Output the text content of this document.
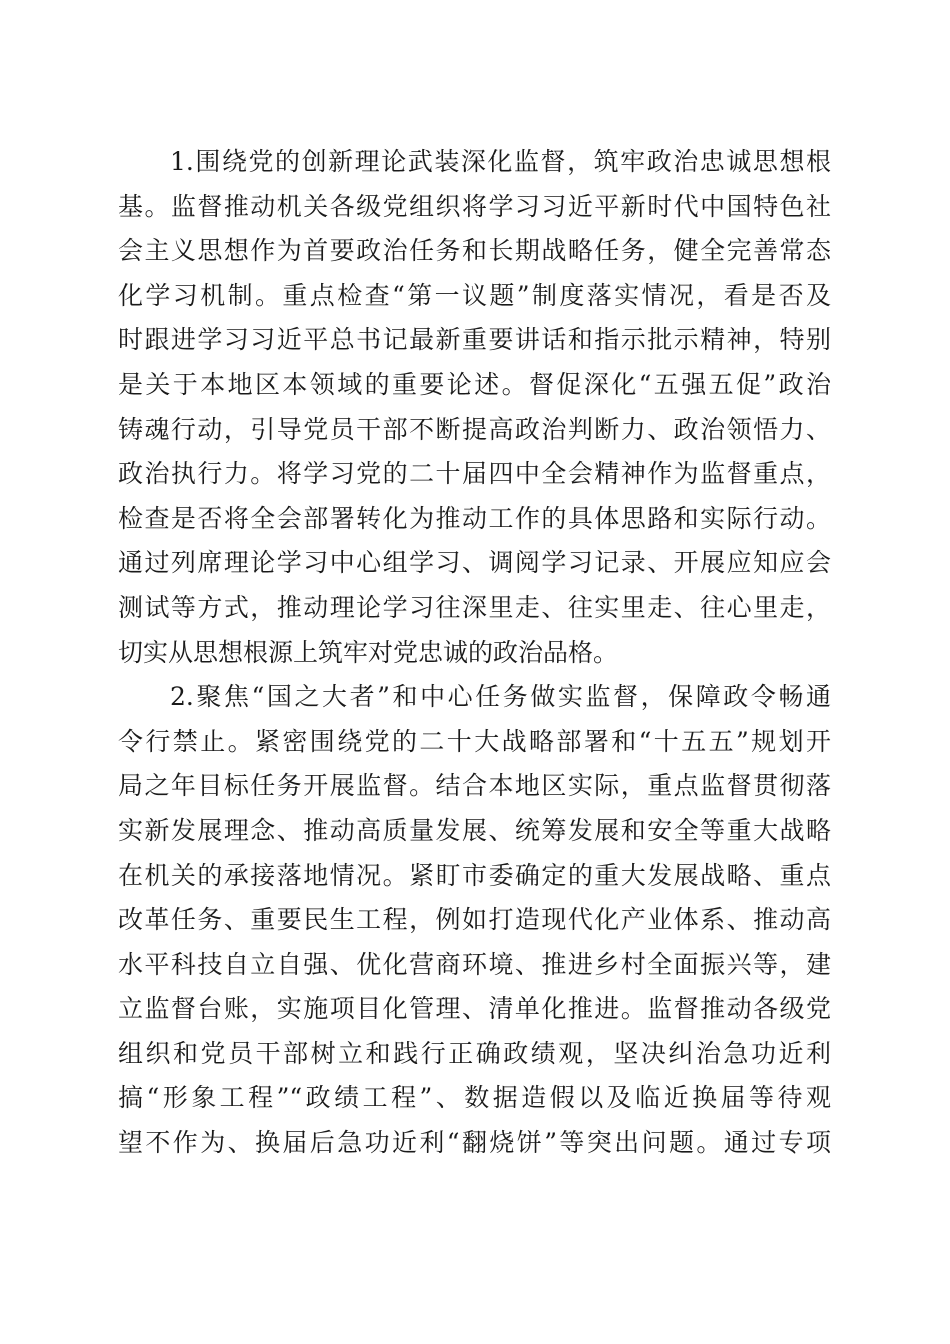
1.围绕党的创新理论武装深化监督，筑牢政治忠诚思想根
基。监督推动机关各级党组织将学习习近平新时代中国特色社
会主义思想作为首要政治任务和长期战略任务，健全完善常态
化学习机制。重点检查“第一议题”制度落实情况，看是否及
时跟进学习习近平总书记最新重要讲话和指示批示精神，特别
是关于本地区本领域的重要论述。督促深化“五强五促”政治
铸魂行动，引导党员干部不断提高政治判断力、政治领悟力、
政治执行力。将学习党的二十届四中全会精神作为监督重点，
检查是否将全会部署转化为推动工作的具体思路和实际行动。
通过列席理论学习中心组学习、调阅学习记录、开展应知应会
测试等方式，推动理论学习往深里走、往实里走、往心里走，
切实从思想根源上筑牢对党忠诚的政治品格。
2.聚焦“国之大者”和中心任务做实监督，保障政令畅通
令行禁止。紧密围绕党的二十大战略部署和“十五五”规划开
局之年目标任务开展监督。结合本地区实际，重点监督贯彻落
实新发展理念、推动高质量发展、统筹发展和安全等重大战略
在机关的承接落地情况。紧盯市委确定的重大发展战略、重点
改革任务、重要民生工程，例如打造现代化产业体系、推动高
水平科技自立自强、优化营商环境、推进乡村全面振兴等，建
立监督台账，实施项目化管理、清单化推进。监督推动各级党
组织和党员干部树立和践行正确政绩观，坚决纠治急功近利
搞“形象工程”“政绩工程”、数据造假以及临近换届等待观
望不作为、换届后急功近利“翻烧饼”等突出问题。通过专项
